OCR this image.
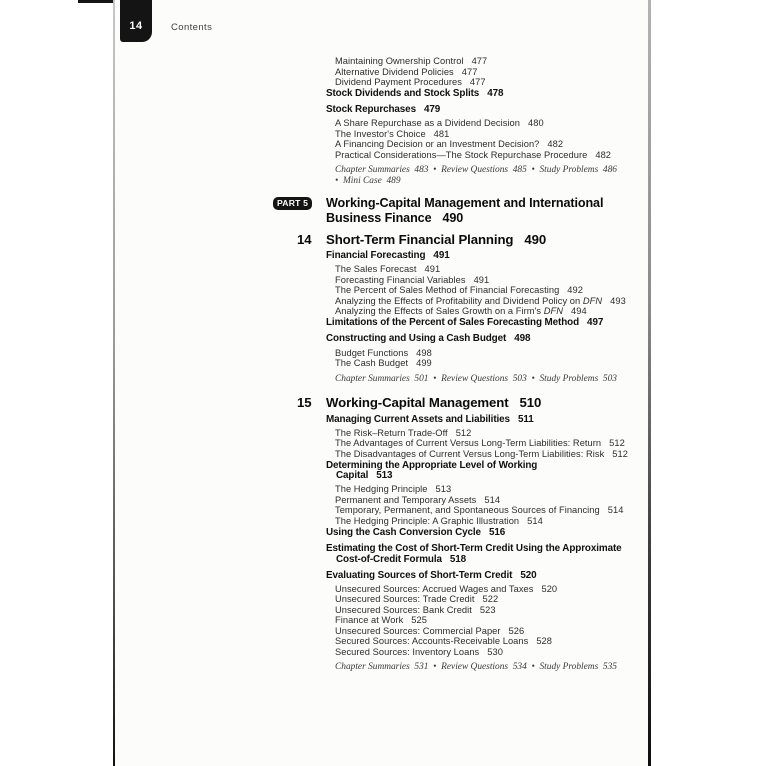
14	Contents
Maintaining Ownership Control 477
Alternative Dividend Policies 477
Dividend Payment Procedures 477
Stock Dividends and Stock Splits 478
Stock Repurchases 479
A Share Repurchase as a Dividend Decision 480
The Investor's Choice 481
A Financing Decision or an Investment Decision? 482
Practical Considerations—The Stock Repurchase Procedure 482
Chapter Summaries  483  •  Review Questions  485  •  Study Problems  486
•  Mini Case  489
PART 5	Working-Capital Management and International
Business Finance 490
14 Short-Term Financial Planning 490
Financial Forecasting 491
The Sales Forecast 491
Forecasting Financial Variables 491
The Percent of Sales Method of Financial Forecasting 492
Analyzing the Effects of Profitability and Dividend Policy on DFN 493
Analyzing the Effects of Sales Growth on a Firm's DFN 494
Limitations of the Percent of Sales Forecasting Method 497
Constructing and Using a Cash Budget 498
Budget Functions 498
The Cash Budget 499
Chapter Summaries  501  •  Review Questions  503  •  Study Problems  503
15 Working-Capital Management 510
Managing Current Assets and Liabilities 511
The Risk–Return Trade-Off 512
The Advantages of Current Versus Long-Term Liabilities: Return 512
The Disadvantages of Current Versus Long-Term Liabilities: Risk 512
Determining the Appropriate Level of Working
Capital 513
The Hedging Principle 513
Permanent and Temporary Assets 514
Temporary, Permanent, and Spontaneous Sources of Financing 514
The Hedging Principle: A Graphic Illustration 514
Using the Cash Conversion Cycle 516
Estimating the Cost of Short-Term Credit Using the Approximate
Cost-of-Credit Formula 518
Evaluating Sources of Short-Term Credit 520
Unsecured Sources: Accrued Wages and Taxes 520
Unsecured Sources: Trade Credit 522
Unsecured Sources: Bank Credit 523
Finance at Work 525
Unsecured Sources: Commercial Paper 526
Secured Sources: Accounts-Receivable Loans 528
Secured Sources: Inventory Loans 530
Chapter Summaries  531  •  Review Questions  534  •  Study Problems  535
